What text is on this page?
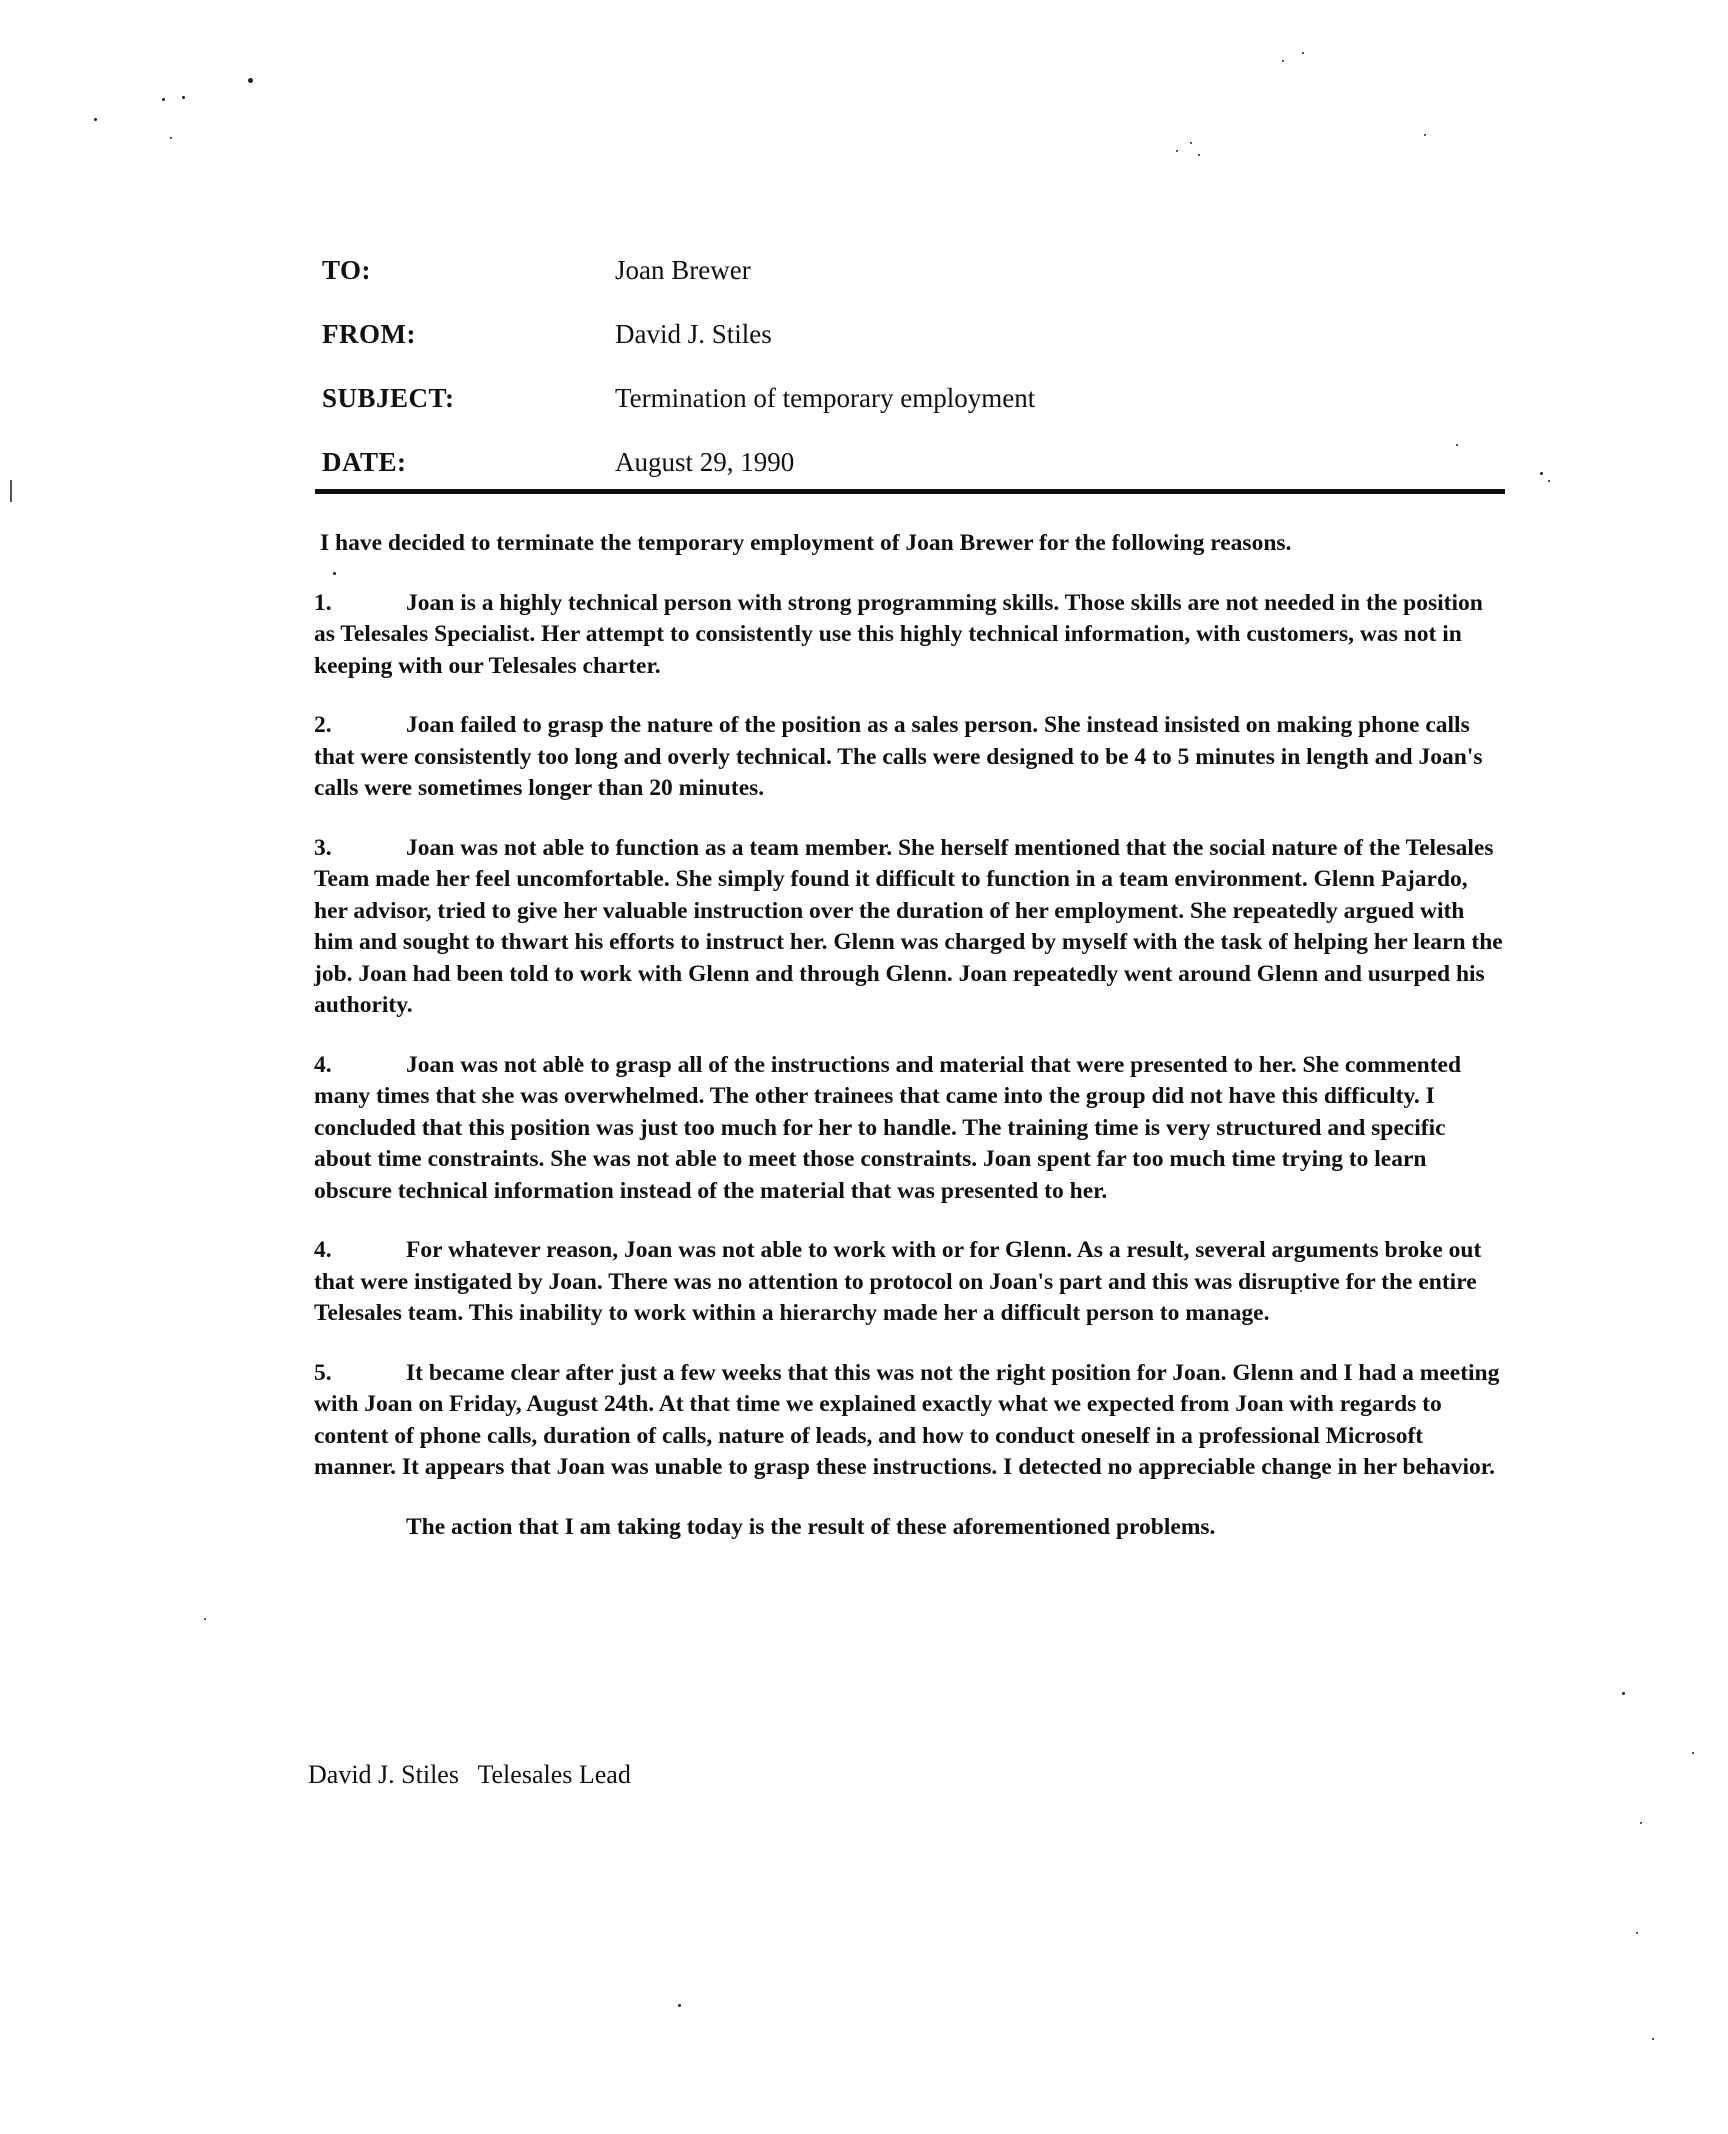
TO:	Joan Brewer
FROM:	David J. Stiles
SUBJECT:	Termination of temporary employment
DATE:	August 29, 1990

I have decided to terminate the temporary employment of Joan Brewer for the following reasons.

1.	Joan is a highly technical person with strong programming skills. Those skills are not needed in the position as Telesales Specialist. Her attempt to consistently use this highly technical information, with customers, was not in keeping with our Telesales charter.

2.	Joan failed to grasp the nature of the position as a sales person. She instead insisted on making phone calls that were consistently too long and overly technical. The calls were designed to be 4 to 5 minutes in length and Joan's calls were sometimes longer than 20 minutes.

3.	Joan was not able to function as a team member. She herself mentioned that the social nature of the Telesales Team made her feel uncomfortable. She simply found it difficult to function in a team environment. Glenn Pajardo, her advisor, tried to give her valuable instruction over the duration of her employment. She repeatedly argued with him and sought to thwart his efforts to instruct her. Glenn was charged by myself with the task of helping her learn the job. Joan had been told to work with Glenn and through Glenn. Joan repeatedly went around Glenn and usurped his authority.

4.	Joan was not able to grasp all of the instructions and material that were presented to her. She commented many times that she was overwhelmed. The other trainees that came into the group did not have this difficulty. I concluded that this position was just too much for her to handle. The training time is very structured and specific about time constraints. She was not able to meet those constraints. Joan spent far too much time trying to learn obscure technical information instead of the material that was presented to her.

4.	For whatever reason, Joan was not able to work with or for Glenn. As a result, several arguments broke out that were instigated by Joan. There was no attention to protocol on Joan's part and this was disruptive for the entire Telesales team. This inability to work within a hierarchy made her a difficult person to manage.

5.	It became clear after just a few weeks that this was not the right position for Joan. Glenn and I had a meeting with Joan on Friday, August 24th. At that time we explained exactly what we expected from Joan with regards to content of phone calls, duration of calls, nature of leads, and how to conduct oneself in a professional Microsoft manner. It appears that Joan was unable to grasp these instructions. I detected no appreciable change in her behavior.

The action that I am taking today is the result of these aforementioned problems.

David J. Stiles Telesales Lead
